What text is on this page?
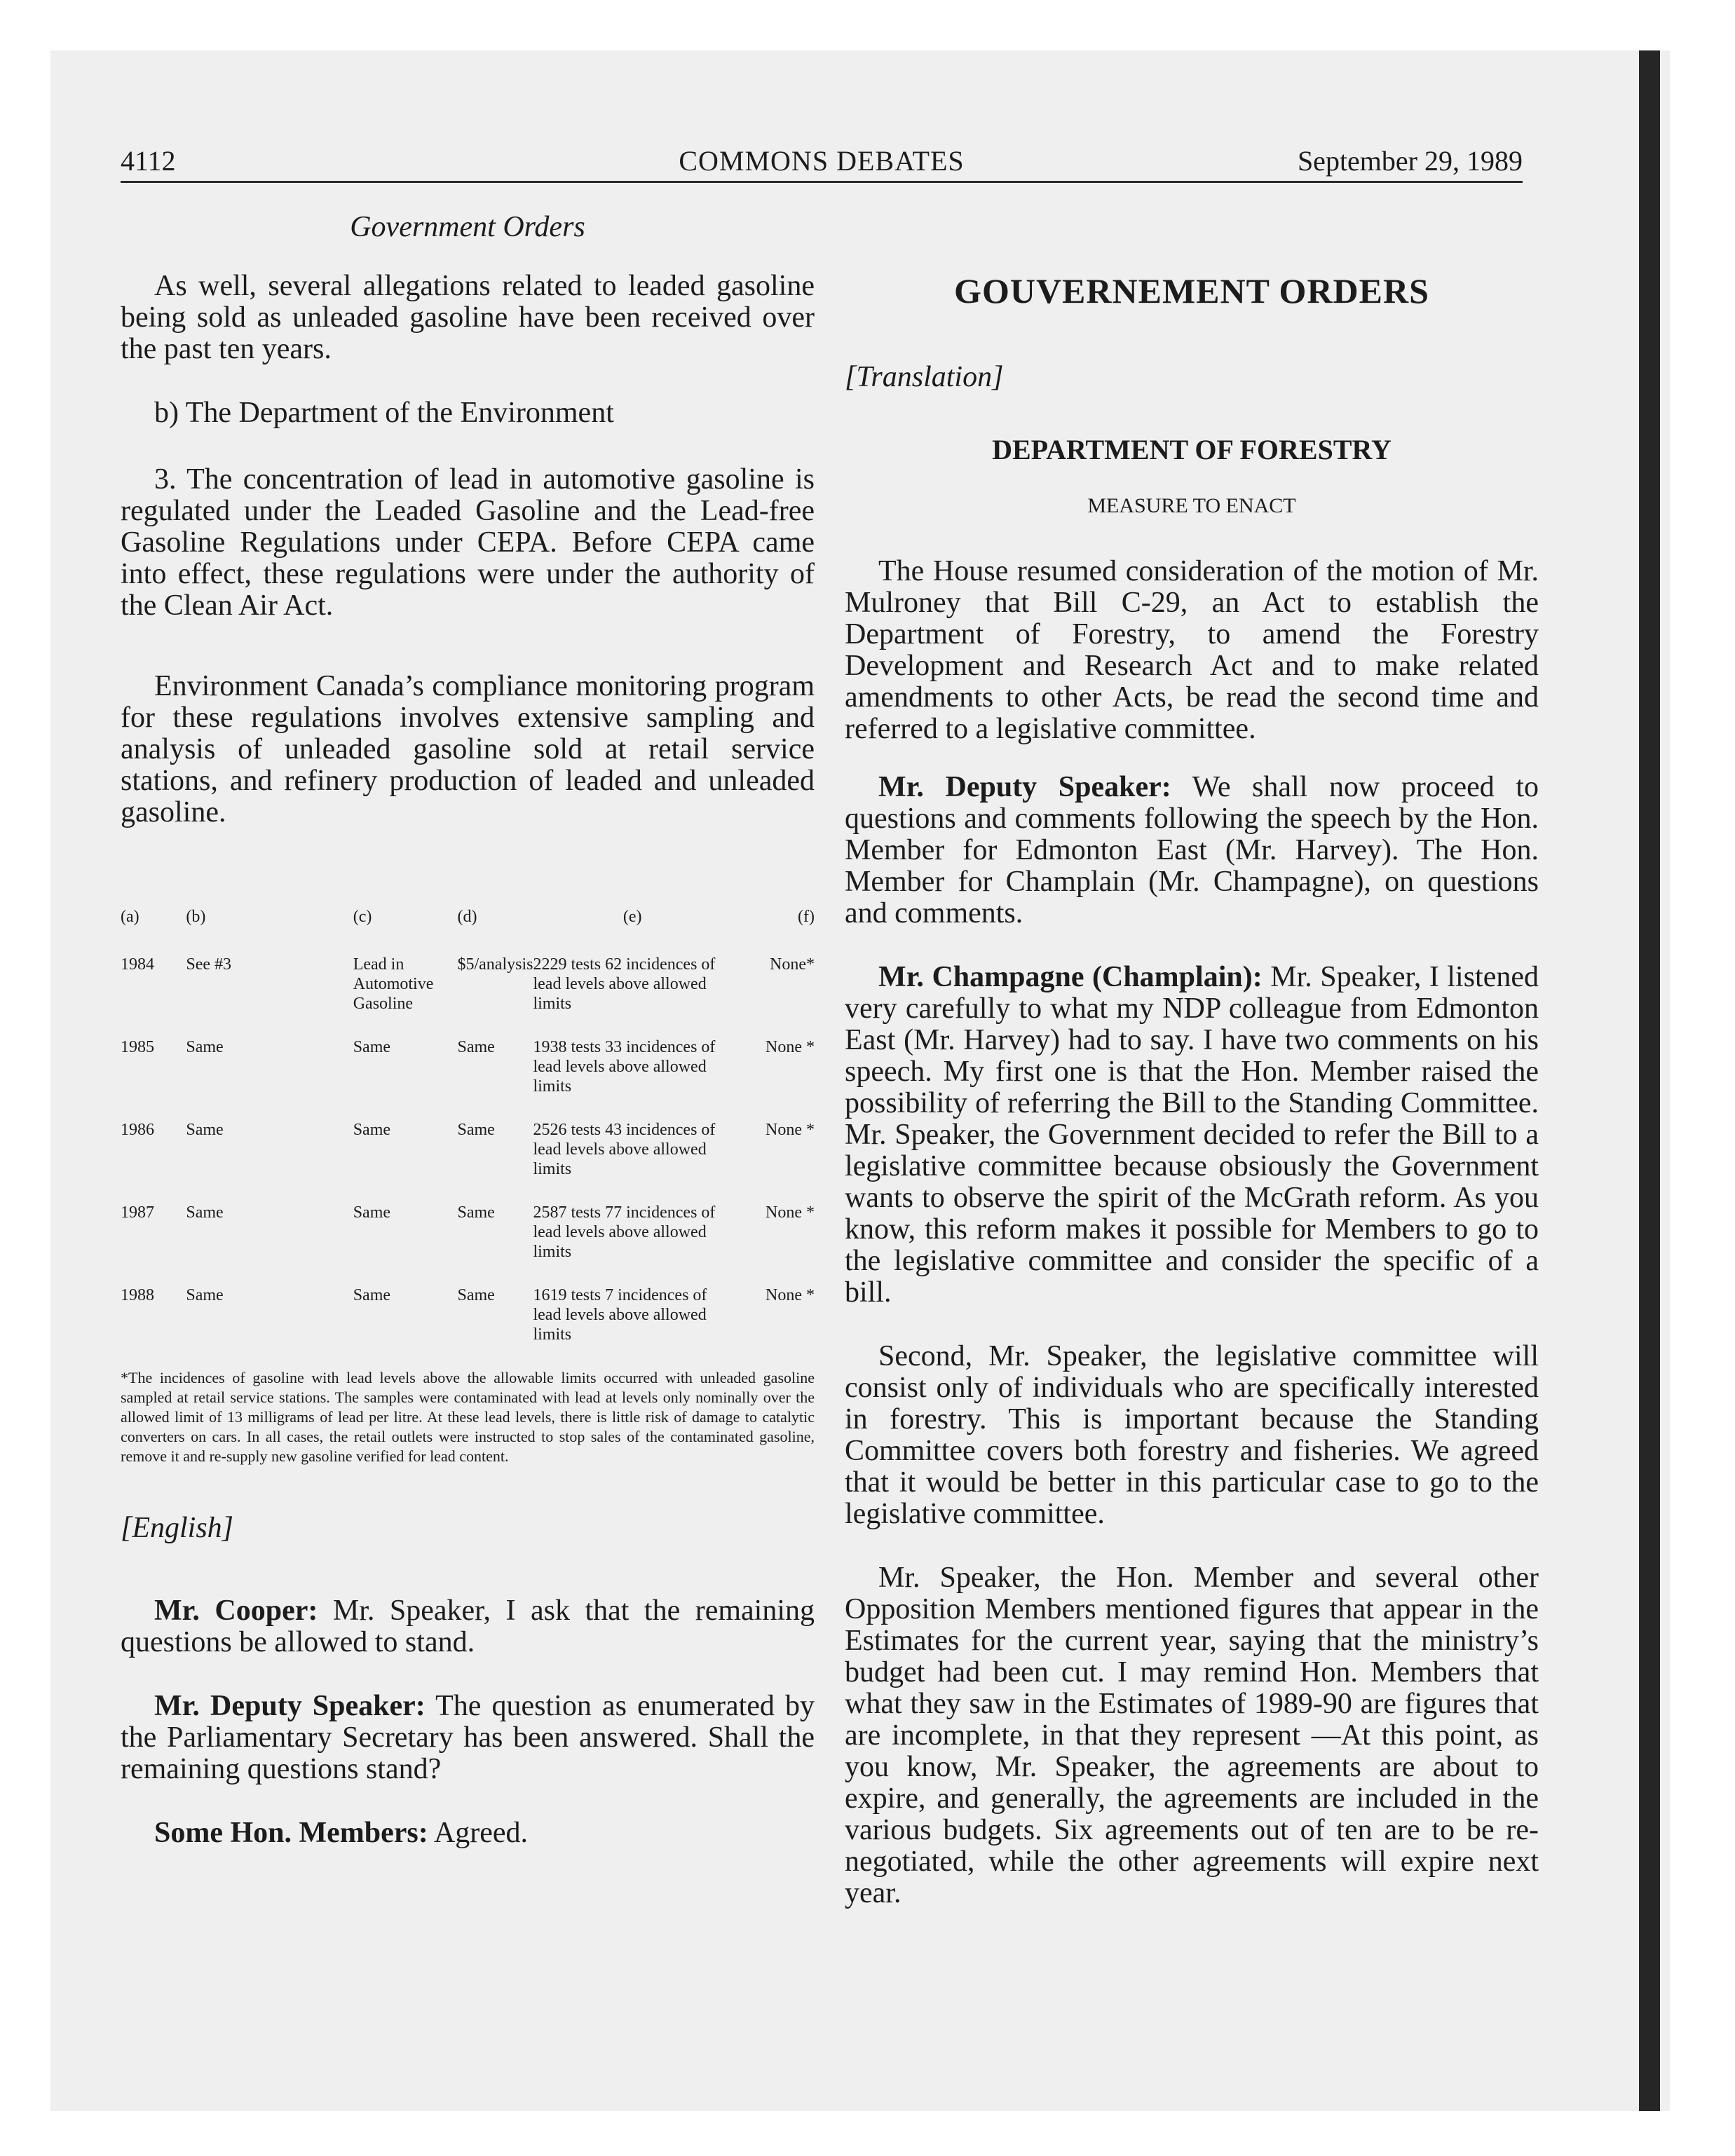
4112	COMMONS DEBATES	September 29, 1989

Government Orders

As well, several allegations related to leaded gasoline being sold as unleaded gasoline have been received over the past ten years.

b) The Department of the Environment

3. The concentration of lead in automotive gasoline is regulated under the Leaded Gasoline and the Lead-free Gasoline Regulations under CEPA. Before CEPA came into effect, these regulations were under the authority of the Clean Air Act.

Environment Canada’s compliance monitoring program for these regulations involves extensive sampling and analysis of unleaded gasoline sold at retail service stations, and refinery production of leaded and unleaded gasoline.

(a)	(b)	(c)	(d)	(e)	(f)
1984	See #3	Lead in Automotive Gasoline	$5/analysis	2229 tests 62 incidences of lead levels above allowed limits	None*
1985	Same	Same	Same	1938 tests 33 incidences of lead levels above allowed limits	None *
1986	Same	Same	Same	2526 tests 43 incidences of lead levels above allowed limits	None *
1987	Same	Same	Same	2587 tests 77 incidences of lead levels above allowed limits	None *
1988	Same	Same	Same	1619 tests 7 incidences of lead levels above allowed limits	None *

*The incidences of gasoline with lead levels above the allowable limits occurred with unleaded gasoline sampled at retail service stations. The samples were contaminated with lead at levels only nominally over the allowed limit of 13 milligrams of lead per litre. At these lead levels, there is little risk of damage to catalytic converters on cars. In all cases, the retail outlets were instructed to stop sales of the contaminated gasoline, remove it and re-supply new gasoline verified for lead content.

[English]

Mr. Cooper: Mr. Speaker, I ask that the remaining questions be allowed to stand.

Mr. Deputy Speaker: The question as enumerated by the Parliamentary Secretary has been answered. Shall the remaining questions stand?

Some Hon. Members: Agreed.

GOUVERNEMENT ORDERS

[Translation]

DEPARTMENT OF FORESTRY

MEASURE TO ENACT

The House resumed consideration of the motion of Mr. Mulroney that Bill C-29, an Act to establish the Department of Forestry, to amend the Forestry Development and Research Act and to make related amendments to other Acts, be read the second time and referred to a legislative committee.

Mr. Deputy Speaker: We shall now proceed to questions and comments following the speech by the Hon. Member for Edmonton East (Mr. Harvey). The Hon. Member for Champlain (Mr. Champagne), on questions and comments.

Mr. Champagne (Champlain): Mr. Speaker, I listened very carefully to what my NDP colleague from Edmonton East (Mr. Harvey) had to say. I have two comments on his speech. My first one is that the Hon. Member raised the possibility of referring the Bill to the Standing Committee. Mr. Speaker, the Government decided to refer the Bill to a legislative committee because obsiously the Government wants to observe the spirit of the McGrath reform. As you know, this reform makes it possible for Members to go to the legislative committee and consider the specific of a bill.

Second, Mr. Speaker, the legislative committee will consist only of individuals who are specifically interested in forestry. This is important because the Standing Committee covers both forestry and fisheries. We agreed that it would be better in this particular case to go to the legislative committee.

Mr. Speaker, the Hon. Member and several other Opposition Members mentioned figures that appear in the Estimates for the current year, saying that the ministry’s budget had been cut. I may remind Hon. Members that what they saw in the Estimates of 1989-90 are figures that are incomplete, in that they represent —At this point, as you know, Mr. Speaker, the agreements are about to expire, and generally, the agreements are included in the various budgets. Six agreements out of ten are to be re-negotiated, while the other agreements will expire next year.
